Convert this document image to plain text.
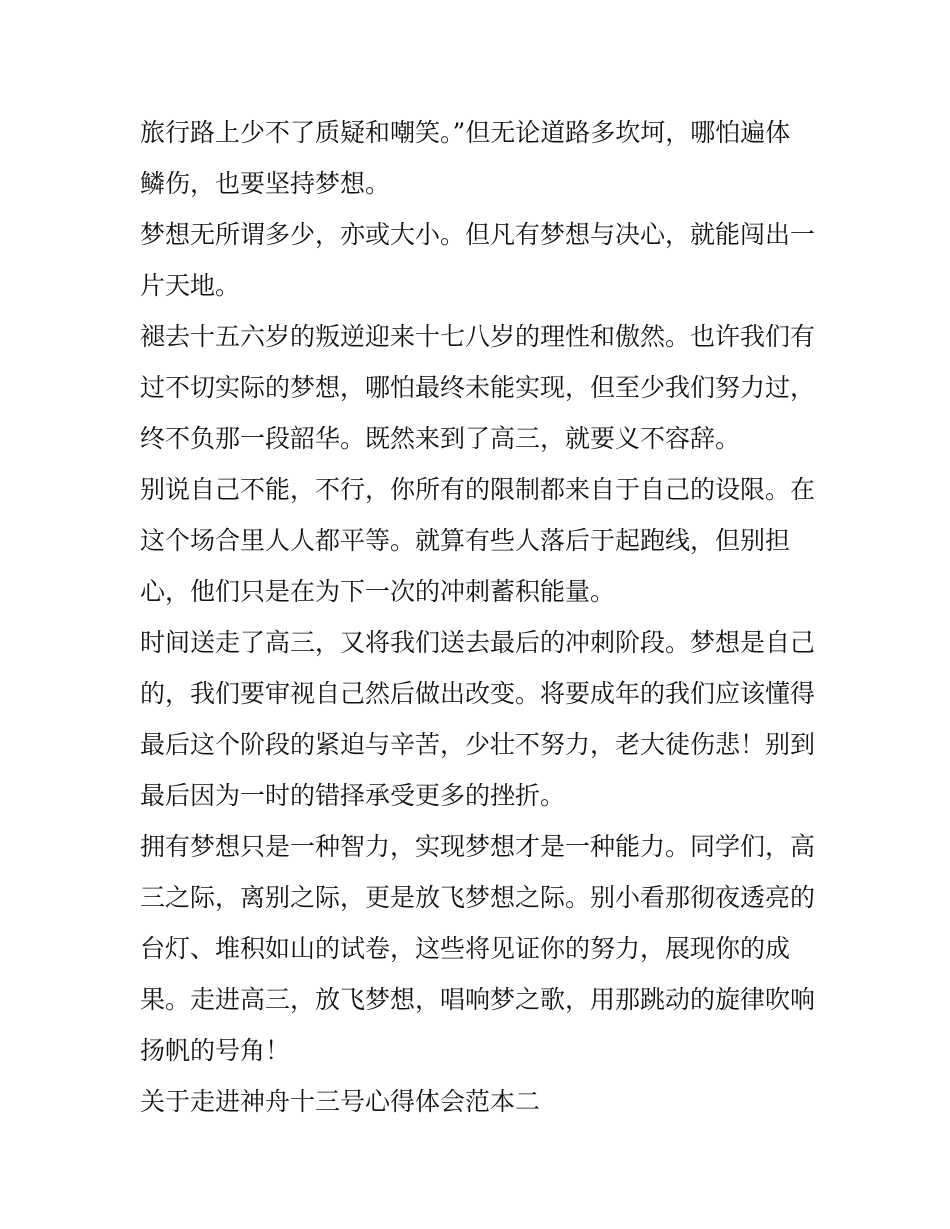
旅行路上少不了质疑和嘲笑。”但无论道路多坎坷，哪怕遍体
鳞伤，也要坚持梦想。
梦想无所谓多少，亦或大小。但凡有梦想与决心，就能闯出一
片天地。
褪去十五六岁的叛逆迎来十七八岁的理性和傲然。也许我们有
过不切实际的梦想，哪怕最终未能实现，但至少我们努力过，
终不负那一段韶华。既然来到了高三，就要义不容辞。
别说自己不能，不行，你所有的限制都来自于自己的设限。在
这个场合里人人都平等。就算有些人落后于起跑线，但别担
心，他们只是在为下一次的冲刺蓄积能量。
时间送走了高三，又将我们送去最后的冲刺阶段。梦想是自己
的，我们要审视自己然后做出改变。将要成年的我们应该懂得
最后这个阶段的紧迫与辛苦，少壮不努力，老大徒伤悲！别到
最后因为一时的错择承受更多的挫折。
拥有梦想只是一种智力，实现梦想才是一种能力。同学们，高
三之际，离别之际，更是放飞梦想之际。别小看那彻夜透亮的
台灯、堆积如山的试卷，这些将见证你的努力，展现你的成
果。走进高三，放飞梦想，唱响梦之歌，用那跳动的旋律吹响
扬帆的号角！
关于走进神舟十三号心得体会范本二
